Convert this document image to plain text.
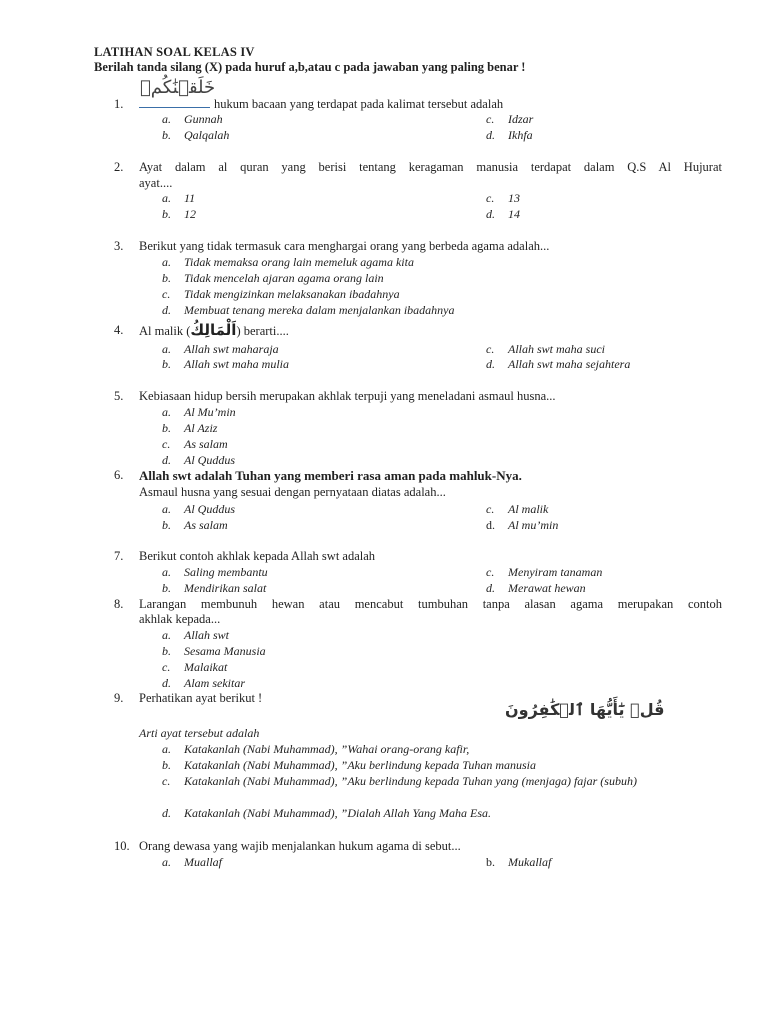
LATIHAN SOAL KELAS IV
Berilah tanda silang (X) pada huruf a,b,atau c pada jawaban yang paling benar !
خَلَقۡنَٰكُمۡ
1.	hukum bacaan yang terdapat pada kalimat tersebut adalah
a. Gunnah	c. Idzar
b. Qalqalah	d. Ikhfa
2. Ayat dalam al quran yang berisi tentang keragaman manusia terdapat dalam Q.S Al Hujurat
ayat....
a. 11	c. 13
b. 12	d. 14
3. Berikut yang tidak termasuk cara menghargai orang yang berbeda agama adalah...
a. Tidak memaksa orang lain memeluk agama kita
b. Tidak mencelah ajaran agama orang lain
c. Tidak mengizinkan melaksanakan ibadahnya
d. Membuat tenang mereka dalam menjalankan ibadahnya
4. Al malik (اَلْمَالِكُ) berarti....
a. Allah swt maharaja	c. Allah swt maha suci
b. Allah swt maha mulia	d. Allah swt maha sejahtera
5. Kebiasaan hidup bersih merupakan akhlak terpuji yang meneladani asmaul husna...
a. Al Mu’min
b. Al Aziz
c. As salam
d. Al Quddus
6. Allah swt adalah Tuhan yang memberi rasa aman pada mahluk-Nya.
Asmaul husna yang sesuai dengan pernyataan diatas adalah...
a. Al Quddus	c. Al malik
b. As salam	d. Al mu’min
7. Berikut contoh akhlak kepada Allah swt adalah
a. Saling membantu	c. Menyiram tanaman
b. Mendirikan salat	d. Merawat hewan
8. Larangan membunuh hewan atau mencabut tumbuhan tanpa alasan agama merupakan contoh
akhlak kepada...
a. Allah swt
b. Sesama Manusia
c. Malaikat
d. Alam sekitar
9. Perhatikan ayat berikut !
قُلۡ يَٰٓأَيُّهَا ٱلۡكَٰفِرُونَ
Arti ayat tersebut adalah
a. Katakanlah (Nabi Muhammad), ”Wahai orang-orang kafir,
b. Katakanlah (Nabi Muhammad), ”Aku berlindung kepada Tuhan manusia
c. Katakanlah (Nabi Muhammad), ”Aku berlindung kepada Tuhan yang (menjaga) fajar (subuh)
d. Katakanlah (Nabi Muhammad), ”Dialah Allah Yang Maha Esa.
10. Orang dewasa yang wajib menjalankan hukum agama di sebut...
a. Muallaf	b. Mukallaf
